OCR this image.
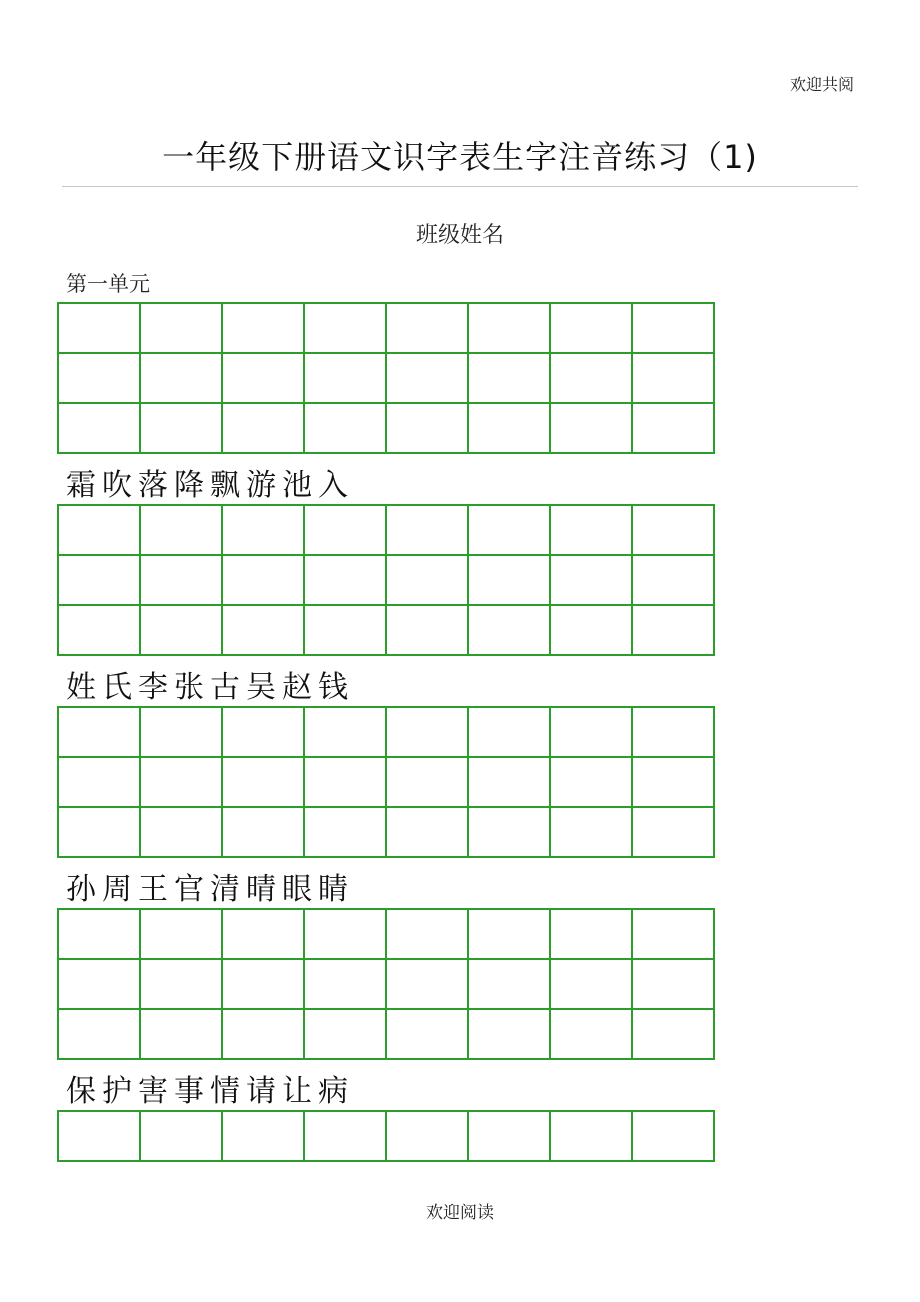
欢迎共阅
一年级下册语文识字表生字注音练习（1)
班级姓名
第一单元

霜吹落降飘游池入

姓氏李张古吴赵钱

孙周王官清晴眼睛

保护害事情请让病

欢迎阅读
